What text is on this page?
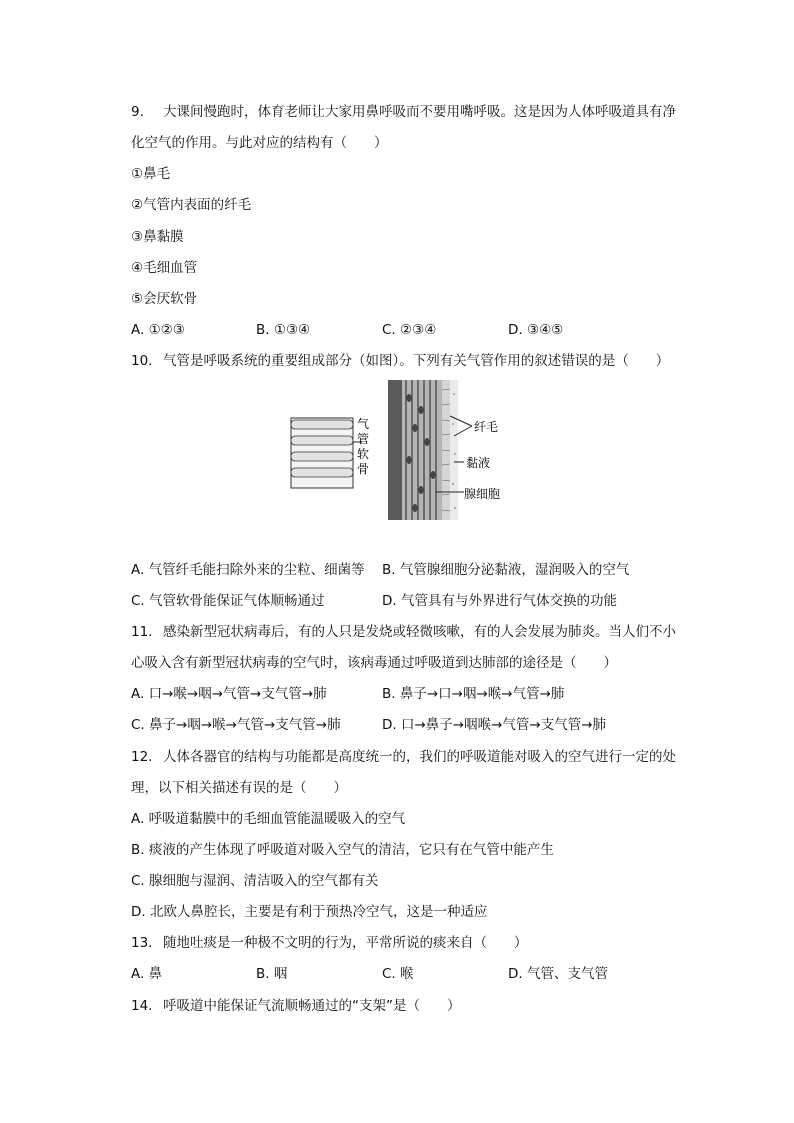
9. 大课间慢跑时，体育老师让大家用鼻呼吸而不要用嘴呼吸。这是因为人体呼吸道具有净
化空气的作用。与此对应的结构有（　　）
①鼻毛
②气管内表面的纤毛
③鼻黏膜
④毛细血管
⑤会厌软骨
A. ①②③	B. ①③④	C. ②③④	D. ③④⑤
10. 气管是呼吸系统的重要组成部分（如图）。下列有关气管作用的叙述错误的是（　　）
气
管
软
骨
纤毛
黏液
腺细胞
A. 气管纤毛能扫除外来的尘粒、细菌等 B. 气管腺细胞分泌黏液，湿润吸入的空气
C. 气管软骨能保证气体顺畅通过	D. 气管具有与外界进行气体交换的功能
11. 感染新型冠状病毒后，有的人只是发烧或轻微咳嗽，有的人会发展为肺炎。当人们不小
心吸入含有新型冠状病毒的空气时，该病毒通过呼吸道到达肺部的途径是（　　）
A. 口→喉→咽→气管→支气管→肺	B. 鼻子→口→咽→喉→气管→肺
C. 鼻子→咽→喉→气管→支气管→肺	D. 口→鼻子→咽喉→气管→支气管→肺
12. 人体各器官的结构与功能都是高度统一的，我们的呼吸道能对吸入的空气进行一定的处
理，以下相关描述有误的是（　　）
A. 呼吸道黏膜中的毛细血管能温暖吸入的空气
B. 痰液的产生体现了呼吸道对吸入空气的清洁，它只有在气管中能产生
C. 腺细胞与湿润、清洁吸入的空气都有关
D. 北欧人鼻腔长，主要是有利于预热冷空气，这是一种适应
13. 随地吐痰是一种极不文明的行为，平常所说的痰来自（　　）
A. 鼻	B. 咽	C. 喉	D. 气管、支气管
14. 呼吸道中能保证气流顺畅通过的“支架”是（　　）
